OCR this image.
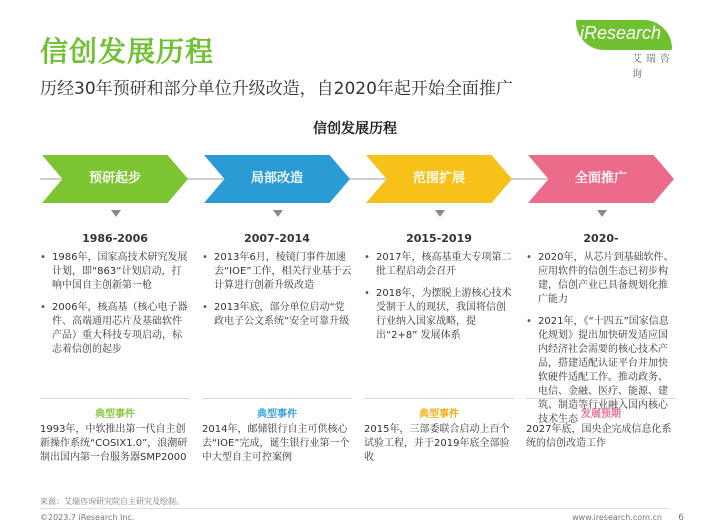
信创发展历程
历经30年预研和部分单位升级改造，自2020年起开始全面推广
iResearch
艾瑞咨询
信创发展历程
预研起步	局部改造	范围扩展	全面推广
1986-2006
• 1986年，国家高技术研究发展计划，即“863”计划启动，打响中国自主创新第一枪
• 2006年，核高基（核心电子器件、高端通用芯片及基础软件产品）重大科技专项启动，标志着信创的起步
2007-2014
• 2013年6月，棱镜门事件加速去“IOE”工作，相关行业基于云计算进行创新升级改造
• 2013年底，部分单位启动“党政电子公文系统”安全可靠升级
2015-2019
• 2017年，核高基重大专项第二批工程启动会召开
• 2018年，为摆脱上游核心技术受制于人的现状，我国将信创行业纳入国家战略，提出“2+8” 发展体系
2020-
• 2020年，从芯片到基础软件、应用软件的信创生态已初步构建，信创产业已具备规划化推广能力
• 2021年，《“十四五”国家信息化规划》提出加快研发适应国内经济社会需要的核心技术产品，搭建适配认证平台并加快软硬件适配工作。推动政务、电信、金融、医疗、能源、建筑、制造等行业融入国内核心技术生态
典型事件
1993年，中软推出第一代自主创新操作系统“COSIX1.0”，浪潮研制出国内第一台服务器SMP2000
典型事件
2014年，邮储银行自主可供核心去“IOE”完成，诞生银行业第一个中大型自主可控案例
典型事件
2015年，三部委联合启动上百个试验工程，并于2019年底全部验收
发展预期
2027年底，国央企完成信息化系统的信创改造工作
来源：艾瑞咨询研究院自主研究及绘制。
©2023.7 iResearch Inc.	www.iresearch.com.cn 6
